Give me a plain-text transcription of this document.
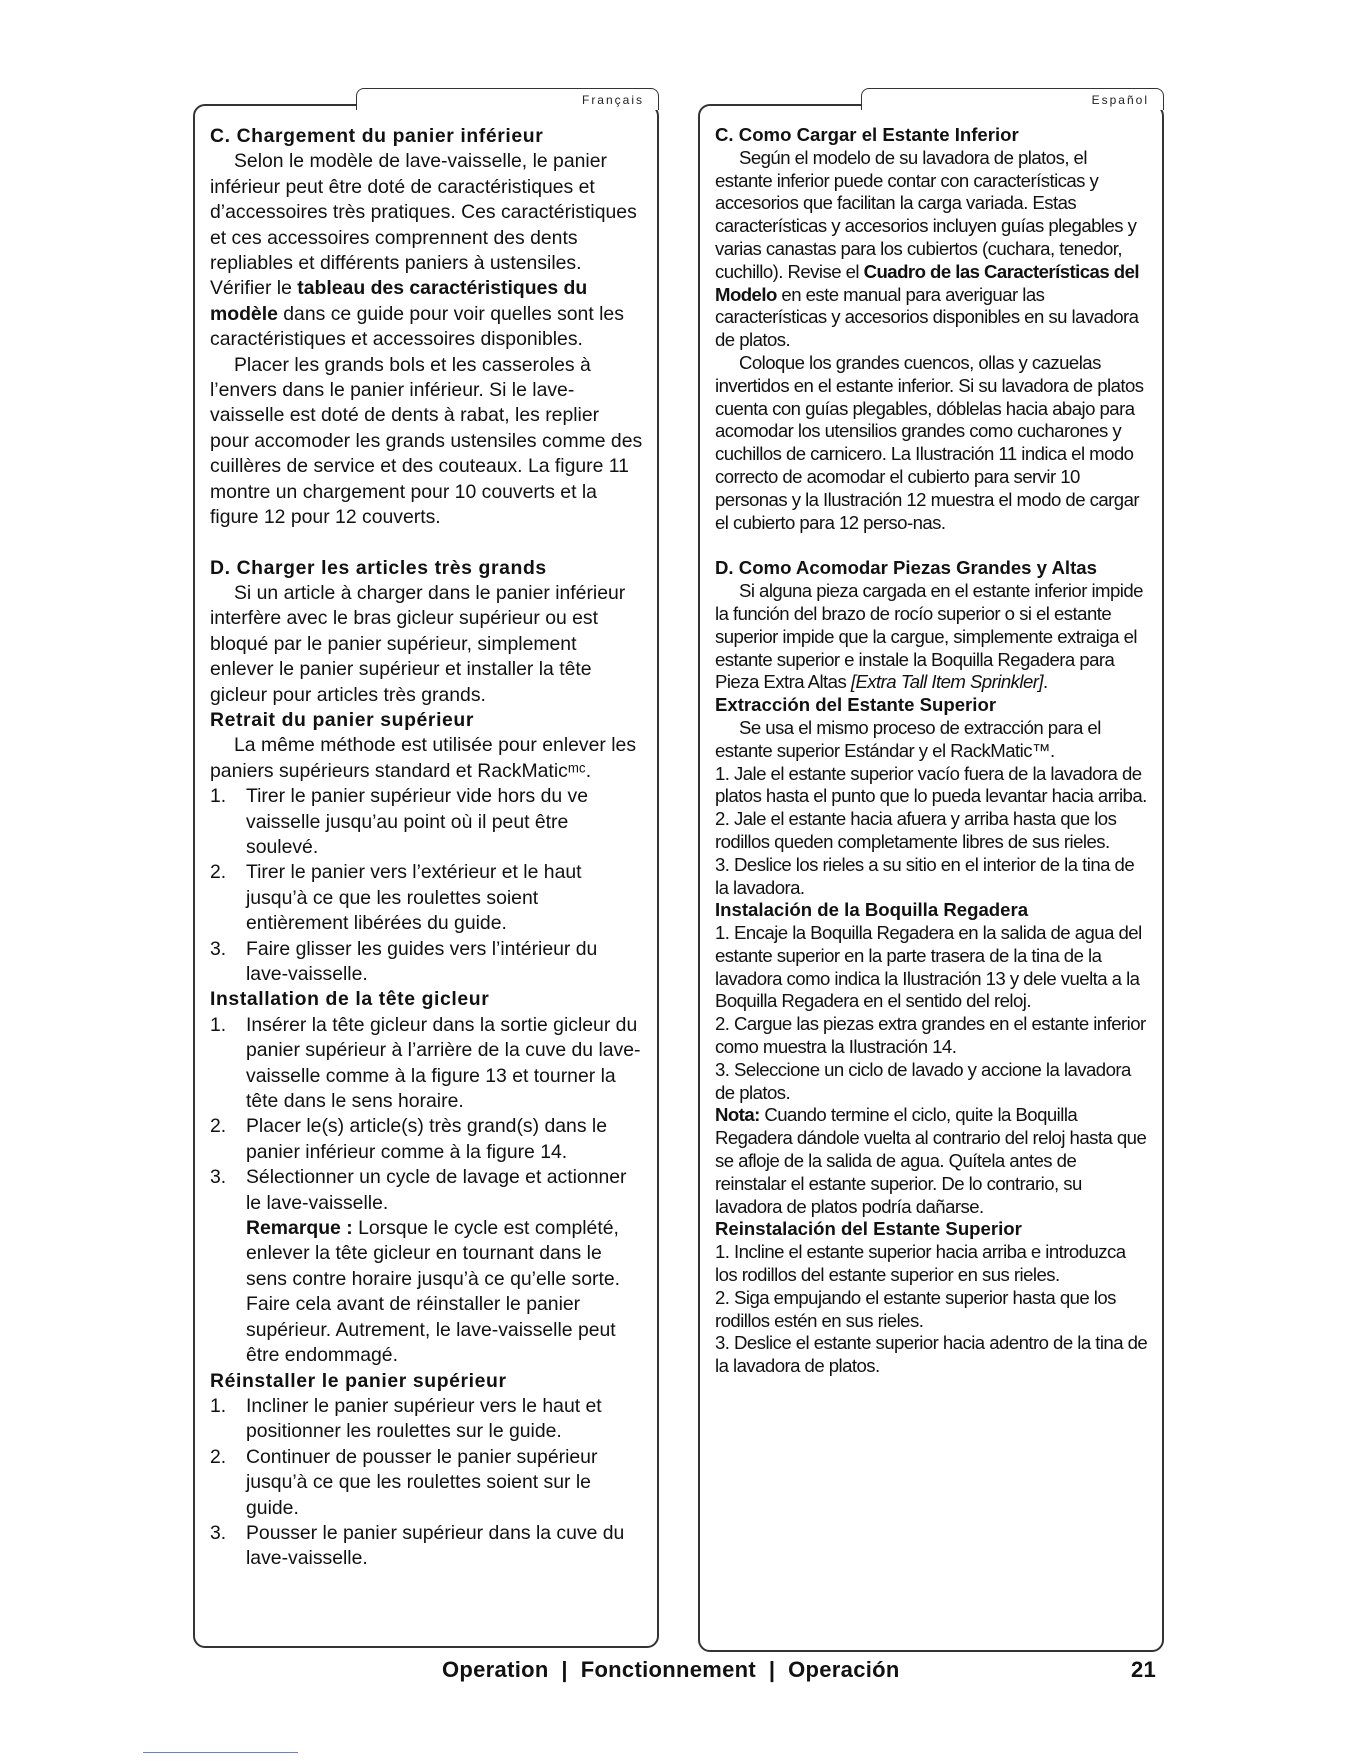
Français
C. Chargement du panier inférieur

Selon le modèle de lave-vaisselle, le panier inférieur peut être doté de caractéristiques et d’accessoires très pratiques. Ces caractéristiques et ces accessoires comprennent des dents repliables et différents paniers à ustensiles. Vérifier le tableau des caractéristiques du modèle dans ce guide pour voir quelles sont les caractéristiques et accessoires disponibles.

Placer les grands bols et les casseroles à l’envers dans le panier inférieur. Si le lave-vaisselle est doté de dents à rabat, les replier pour accomoder les grands ustensiles comme des cuillères de service et des couteaux. La figure 11 montre un chargement pour 10 couverts et la figure 12 pour 12 couverts.

D. Charger les articles très grands

Si un article à charger dans le panier inférieur interfère avec le bras gicleur supérieur ou est bloqué par le panier supérieur, simplement enlever le panier supérieur et installer la tête gicleur pour articles très grands.

Retrait du panier supérieur

La même méthode est utilisée pour enlever les paniers supérieurs standard et RackMaticᵐᶜ.

1. Tirer le panier supérieur vide hors du ve vaisselle jusqu’au point où il peut être soulevé.
2. Tirer le panier vers l’extérieur et le haut jusqu’à ce que les roulettes soient entièrement libérées du guide.
3. Faire glisser les guides vers l’intérieur du lave-vaisselle.
Installation de la tête gicleur
1. Insérer la tête gicleur dans la sortie gicleur du panier supérieur à l’arrière de la cuve du lave-vaisselle comme à la figure 13 et tourner la tête dans le sens horaire.
2. Placer le(s) article(s) très grand(s) dans le panier inférieur comme à la figure 14.
3. Sélectionner un cycle de lavage et actionner le lave-vaisselle.
Remarque : Lorsque le cycle est complété, enlever la tête gicleur en tournant dans le sens contre horaire jusqu’à ce qu’elle sorte. Faire cela avant de réinstaller le panier supérieur. Autrement, le lave-vaisselle peut être endommagé.
Réinstaller le panier supérieur
1. Incliner le panier supérieur vers le haut et positionner les roulettes sur le guide.
2. Continuer de pousser le panier supérieur jusqu’à ce que les roulettes soient sur le guide.
3. Pousser le panier supérieur dans la cuve du lave-vaisselle.
Español
C. Como Cargar el Estante Inferior

Según el modelo de su lavadora de platos, el estante inferior puede contar con características y accesorios que facilitan la carga variada. Estas características y accesorios incluyen guías plegables y varias canastas para los cubiertos (cuchara, tenedor, cuchillo). Revise el Cuadro de las Características del Modelo en este manual para averiguar las características y accesorios disponibles en su lavadora de platos.

Coloque los grandes cuencos, ollas y cazuelas invertidos en el estante inferior. Si su lavadora de platos cuenta con guías plegables, dóblelas hacia abajo para acomodar los utensilios grandes como cucharones y cuchillos de carnicero. La Ilustración 11 indica el modo correcto de acomodar el cubierto para servir 10 personas y la Ilustración 12 muestra el modo de cargar el cubierto para 12 perso-nas.

D. Como Acomodar Piezas Grandes y Altas

Si alguna pieza cargada en el estante inferior impide la función del brazo de rocío superior o si el estante superior impide que la cargue, simplemente extraiga el estante superior e instale la Boquilla Regadera para Pieza Extra Altas [Extra Tall Item Sprinkler].

Extracción del Estante Superior

Se usa el mismo proceso de extracción para el estante superior Estándar y el RackMatic™.

1. Jale el estante superior vacío fuera de la lavadora de platos hasta el punto que lo pueda levantar hacia arriba.
2. Jale el estante hacia afuera y arriba hasta que los rodillos queden completamente libres de sus rieles.
3. Deslice los rieles a su sitio en el interior de la tina de la lavadora.
Instalación de la Boquilla Regadera
1. Encaje la Boquilla Regadera en la salida de agua del estante superior en la parte trasera de la tina de la lavadora como indica la Ilustración 13 y dele vuelta a la Boquilla Regadera en el sentido del reloj.
2. Cargue las piezas extra grandes en el estante inferior como muestra la Ilustración 14.
3. Seleccione un ciclo de lavado y accione la lavadora de platos.
Nota: Cuando termine el ciclo, quite la Boquilla Regadera dándole vuelta al contrario del reloj hasta que se afloje de la salida de agua. Quítela antes de reinstalar el estante superior. De lo contrario, su lavadora de platos podría dañarse.
Reinstalación del Estante Superior
1. Incline el estante superior hacia arriba e introduzca los rodillos del estante superior en sus rieles.
2. Siga empujando el estante superior hasta que los rodillos estén en sus rieles.
3. Deslice el estante superior hacia adentro de la tina de la lavadora de platos.
Operation  |  Fonctionnement  |  Operación	21
